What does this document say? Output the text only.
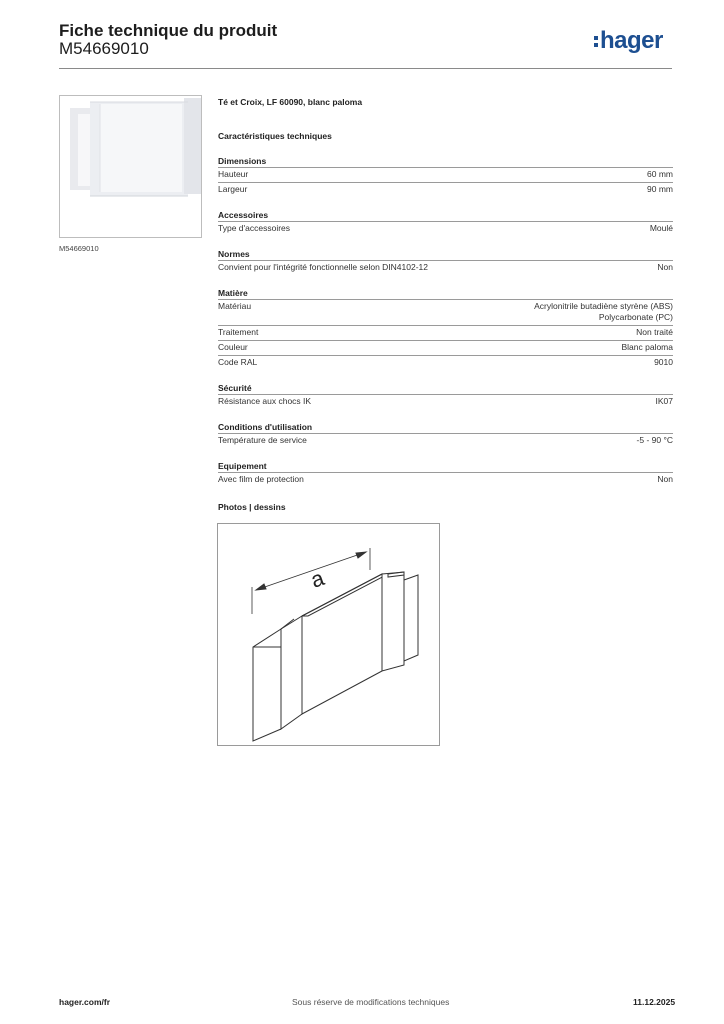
Fiche technique du produit
M54669010	hager
M54669010
Té et Croix, LF 60090, blanc paloma
Caractéristiques techniques
Dimensions
Hauteur	60 mm
Largeur	90 mm
Accessoires
Type d'accessoires	Moulé
Normes
Convient pour l'intégrité fonctionnelle selon DIN4102-12	Non
Matière
Matériau	Acrylonitrile butadiène styrène (ABS)
Polycarbonate (PC)
Traitement	Non traité
Couleur	Blanc paloma
Code RAL	9010
Sécurité
Résistance aux chocs IK	IK07
Conditions d'utilisation
Température de service	-5 - 90 °C
Equipement
Avec film de protection	Non
Photos | dessins
a
hager.com/fr	Sous réserve de modifications techniques	11.12.2025
